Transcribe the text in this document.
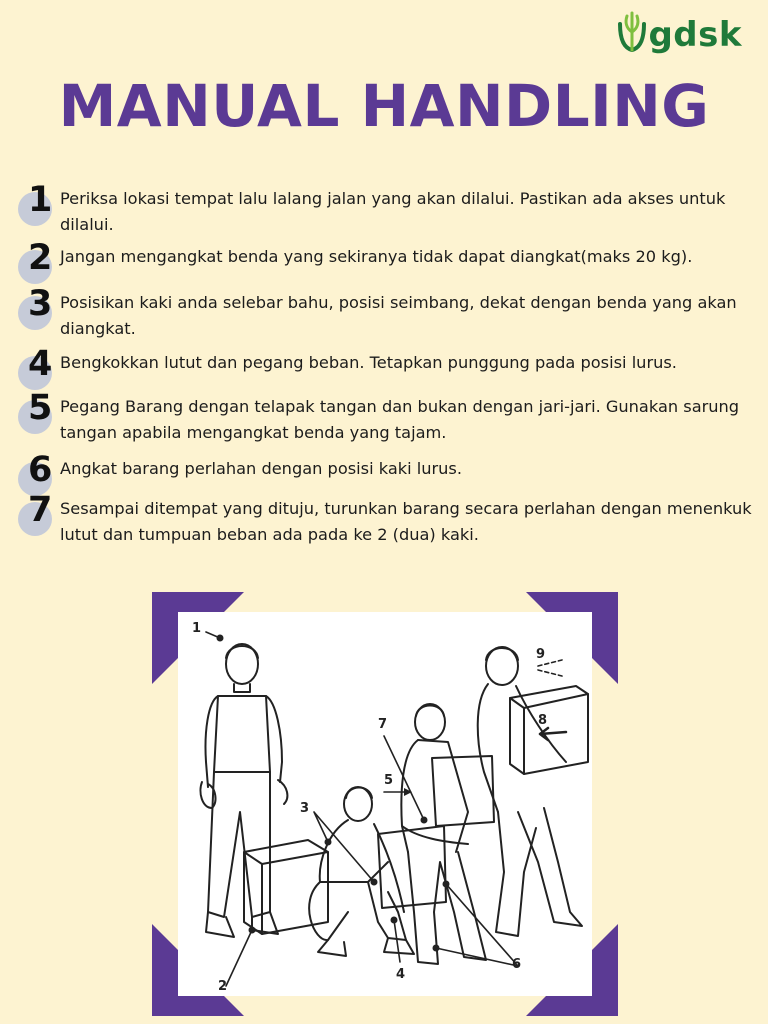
gdsk
MANUAL HANDLING
1 Periksa lokasi tempat lalu lalang jalan yang akan dilalui. Pastikan ada akses untuk dilalui.
2 Jangan mengangkat benda yang sekiranya tidak dapat diangkat(maks 20 kg).
3 Posisikan kaki anda selebar bahu, posisi seimbang, dekat dengan benda yang akan diangkat.
4 Bengkokkan lutut dan pegang beban. Tetapkan punggung pada posisi lurus.
5 Pegang Barang dengan telapak tangan dan bukan dengan jari-jari. Gunakan sarung tangan apabila mengangkat benda yang tajam.
6 Angkat barang perlahan dengan posisi kaki lurus.
7 Sesampai ditempat yang dituju, turunkan barang secara perlahan dengan menenkuk lutut dan tumpuan beban ada pada ke 2 (dua) kaki.
1
2
3
4
5
6
7	8
9
